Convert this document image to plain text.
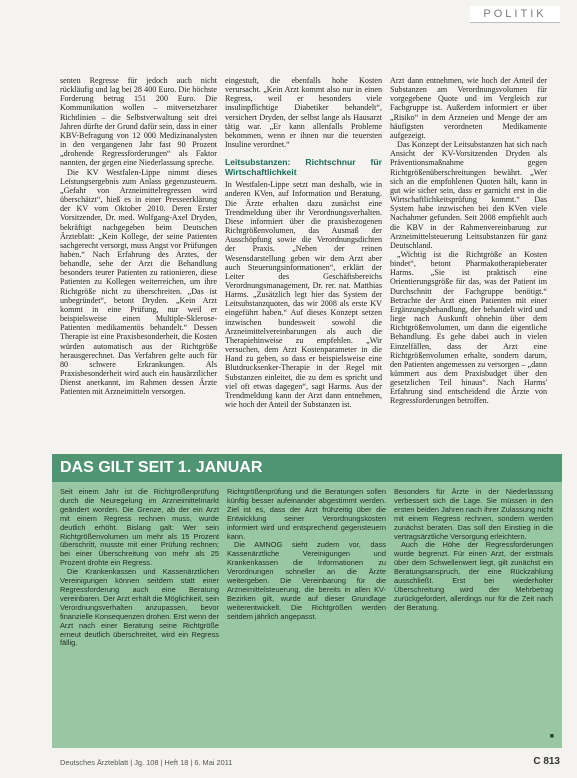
POLITIK

senten Regresse für jedoch auch nicht rückläufig und lag bei 28 400 Euro. Die höchste Forderung betrug 151 200 Euro. Die Kommunikation wollen – mitversetzbarer Richtlinien – die Selbstverwaltung seit drei Jahren dürfte der Grund dafür sein, dass in einer KBV-Befragung von 12 000 Medizinanalysten in den vergangenen Jahr fast 90 Prozent „drohende Regressforderungen“ als Faktor nannten, der gegen eine Niederlassung spreche.

Die KV Westfalen-Lippe nimmt dieses Leistungsergebnis zum Anlass gegenzusteuern. „Gefahr von Arzneimittelregressen wird überschätzt“, hieß es in einer Presseerklärung der KV vom Oktober 2010. Deren Erster Vorsitzender, Dr. med. Wolfgang-Axel Dryden, bekräftigt nachgegeben beim Deutschen Ärzteblatt: „Kein Kollege, der seine Patienten sachgerecht versorgt, muss Angst vor Prüfungen haben.“ Nach Erfahrung des Arztes, der behandle, sehe der Arzt die Behandlung besonders teurer Patienten zu rationieren, diese Patienten zu Kollegen weiterreichen, um ihre Richtgröße nicht zu überschreiten. „Das ist unbegründet“, betont Dryden. „Kein Arzt kommt in eine Prüfung, nur weil er beispielsweise einen Multiple-Sklerose-Patienten medikamentös behandelt.“ Dessen Therapie ist eine Praxisbesonderheit, die Kosten würden automatisch aus der Richtgröße herausgerechnet. Das Verfahren gelte auch für 80 schwere Erkrankungen. Als Praxisbesonderheit wird auch ein hausärztlicher Dienst anerkannt, im Rahmen dessen Ärzte Patienten mit Arzneimitteln versorgen.

eingestuft, die ebenfalls hohe Kosten verursacht. „Kein Arzt kommt also nur in einen Regress, weil er besonders viele insulinpflichtige Diabetiker behandelt“, versichert Dryden, der selbst lange als Hausarzt tätig war. „Er kann allenfalls Probleme bekommen, wenn er ihnen nur die teuersten Insuline verordnet.“

Leitsubstanzen: Richtschnur für Wirtschaftlichkeit

In Westfalen-Lippe setzt man deshalb, wie in anderen KVen, auf Information und Beratung. Die Ärzte erhalten dazu zunächst eine Trendmeldung über ihr Verordnungsverhalten. Diese informiert über die praxisbezogenen Richtgrößenvolumen, das Ausmaß der Ausschöpfung sowie die Verordnungsdichten der Praxis. „Neben der reinen Wesensdarstellung geben wir dem Arzt aber auch Steuerungsinformationen“, erklärt der Leiter des Geschäftsbereichs Verordnungsmanagement, Dr. rer. nat. Matthias Harms. „Zusätzlich legt hier das System der Leitsubstanzquoten, das wir 2008 als erste KV eingeführt haben.“ Auf dieses Konzept setzen inzwischen bundesweit sowohl die Arzneimittelvereinbarungen als auch die Therapiehinweise zu empfehlen. „Wir versuchen, dem Arzt Kostenparameter in die Hand zu geben, so dass er beispielsweise eine Blutdrucksenker-Therapie in der Regel mit Substanzen einleitet, die zu dem es spricht und viel oft etwas dagegen“, sagt Harms. Aus der Trendmeldung kann der Arzt dann entnehmen, wie hoch der Anteil der Substanzen ist.

Arzt dann entnehmen, wie hoch der Anteil der Substanzen am Verordnungsvolumen für vorgegebene Quote und im Vergleich zur Fachgruppe ist. Außerdem informiert er über „Risiko“ in dem Arzneien und Menge der am häufigsten verordneten Medikamente aufgezeigt.

Das Konzept der Leitsubstanzen hat sich nach Ansicht der KV-Vorsitzenden Dryden als Präventionsmaßnahme gegen Richtgrößenüberschreitungen bewährt. „Wer sich an die empfohlenen Quoten hält, kann in gut wie sicher sein, dass er garnicht erst in die Wirtschaftlichkeitsprüfung kommt.“ Das System habe inzwischen bei den KVen viele Nachahmer gefunden. Seit 2008 empfiehlt auch die KBV in der Rahmenvereinbarung zur Arzneimittelsteuerung Leitsubstanzen für ganz Deutschland.

„Wichtig ist die Richtgröße an Kosten bindet“, betont Pharmakotherapieberater Harms. „Sie ist praktisch eine Orientierungsgröße für das, was der Patient im Durchschnitt der Fachgruppe benötigt.“ Betrachte der Arzt einen Patienten mit einer Ergänzungsbehandlung, der behandelt wird und liege nach Auskunft ohnehin über dem Richtgrößenvolumen, um dann die eigentliche Behandlung. Es gehe dabei auch in vielen Einzelfällen, dass der Arzt eine Richtgrößenvolumen erhalte, sondern darum, den Patienten angemessen zu versorgen – „dann kümmert aus dem Praxisbudget über den gesetzlichen Teil hinaus“. Nach Harms' Erfahrung sind entscheidend die Ärzte von Regressforderungen betroffen.

DAS GILT SEIT 1. JANUAR

Seit einem Jahr ist die Richtgrößenprüfung durch die Neuregelung im Arzneimittelmarkt geändert worden. Die Grenze, ab der ein Arzt mit einem Regress rechnen muss, wurde deutlich erhöht. Bislang galt: Wer sein Richtgrößenvolumen um mehr als 15 Prozent überschritt, musste mit einer Prüfung rechnen; bei einer Überschreitung von mehr als 25 Prozent drohte ein Regress.

Die Krankenkassen und Kassenärztlichen Vereinigungen können seitdem statt einer Regressforderung auch eine Beratung vereinbaren. Der Arzt erhält die Möglichkeit, sein Verordnungsverhalten anzupassen, bevor finanzielle Konsequenzen drohen. Erst wenn der Arzt nach einer Beratung seine Richtgröße erneut deutlich überschreitet, wird ein Regress fällig.

Richtgrößenprüfung und die Beratungen sollen künftig besser aufeinander abgestimmt werden. Ziel ist es, dass der Arzt frühzeitig über die Entwicklung seiner Verordnungskosten informiert wird und entsprechend gegensteuern kann.

Die AMNOG sieht zudem vor, dass Kassenärztliche Vereinigungen und Krankenkassen die Informationen zu Verordnungen schneller an die Ärzte weitergeben. Die Vereinbarung für die Arzneimittelsteuerung, die bereits in allen KV-Bezirken gilt, wurde auf dieser Grundlage weiterentwickelt. Die Richtgrößen werden seitdem jährlich angepasst.

Besonders für Ärzte in der Niederlassung verbessert sich die Lage. Sie müssen in den ersten beiden Jahren nach ihrer Zulassung nicht mit einem Regress rechnen, sondern werden zunächst beraten. Das soll den Einstieg in die vertragsärztliche Versorgung erleichtern.

Auch die Höhe der Regressforderungen wurde begrenzt. Für einen Arzt, der erstmals über dem Schwellenwert liegt, gilt zunächst ein Beratungsanspruch, der eine Rückzahlung ausschließt. Erst bei wiederholter Überschreitung wird der Mehrbetrag zurückgefordert, allerdings nur für die Zeit nach der Beratung.

■
Deutsches Ärzteblatt | Jg. 108 | Heft 18 | 6. Mai 2011	C 813
